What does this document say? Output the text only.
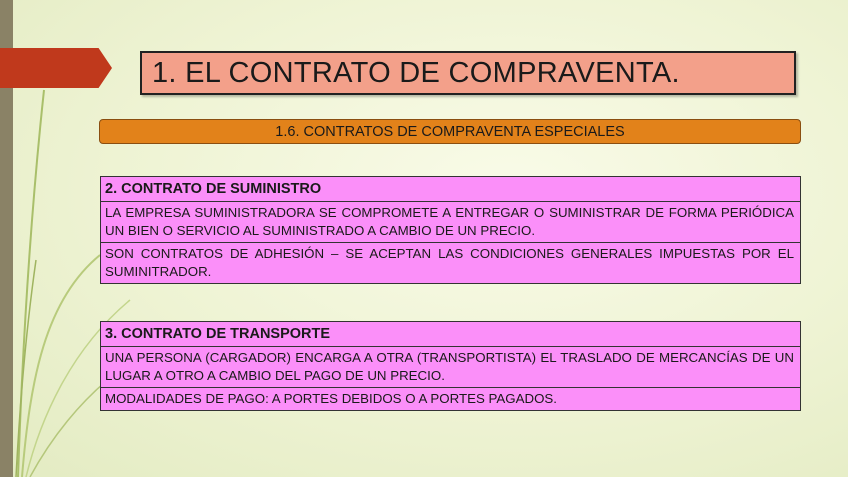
1. EL CONTRATO DE COMPRAVENTA.
1.6. CONTRATOS DE COMPRAVENTA ESPECIALES
2. CONTRATO DE SUMINISTRO
LA EMPRESA SUMINISTRADORA SE COMPROMETE A ENTREGAR O SUMINISTRAR DE FORMA PERIÓDICA UN BIEN O SERVICIO AL SUMINISTRADO A CAMBIO DE UN PRECIO.
SON CONTRATOS DE ADHESIÓN – SE ACEPTAN LAS CONDICIONES GENERALES IMPUESTAS POR EL SUMINITRADOR.
3. CONTRATO DE TRANSPORTE
UNA PERSONA (CARGADOR) ENCARGA A OTRA (TRANSPORTISTA) EL TRASLADO DE MERCANCÍAS DE UN LUGAR A OTRO A CAMBIO DEL PAGO DE UN PRECIO.
MODALIDADES DE PAGO: A PORTES DEBIDOS O A PORTES PAGADOS.
